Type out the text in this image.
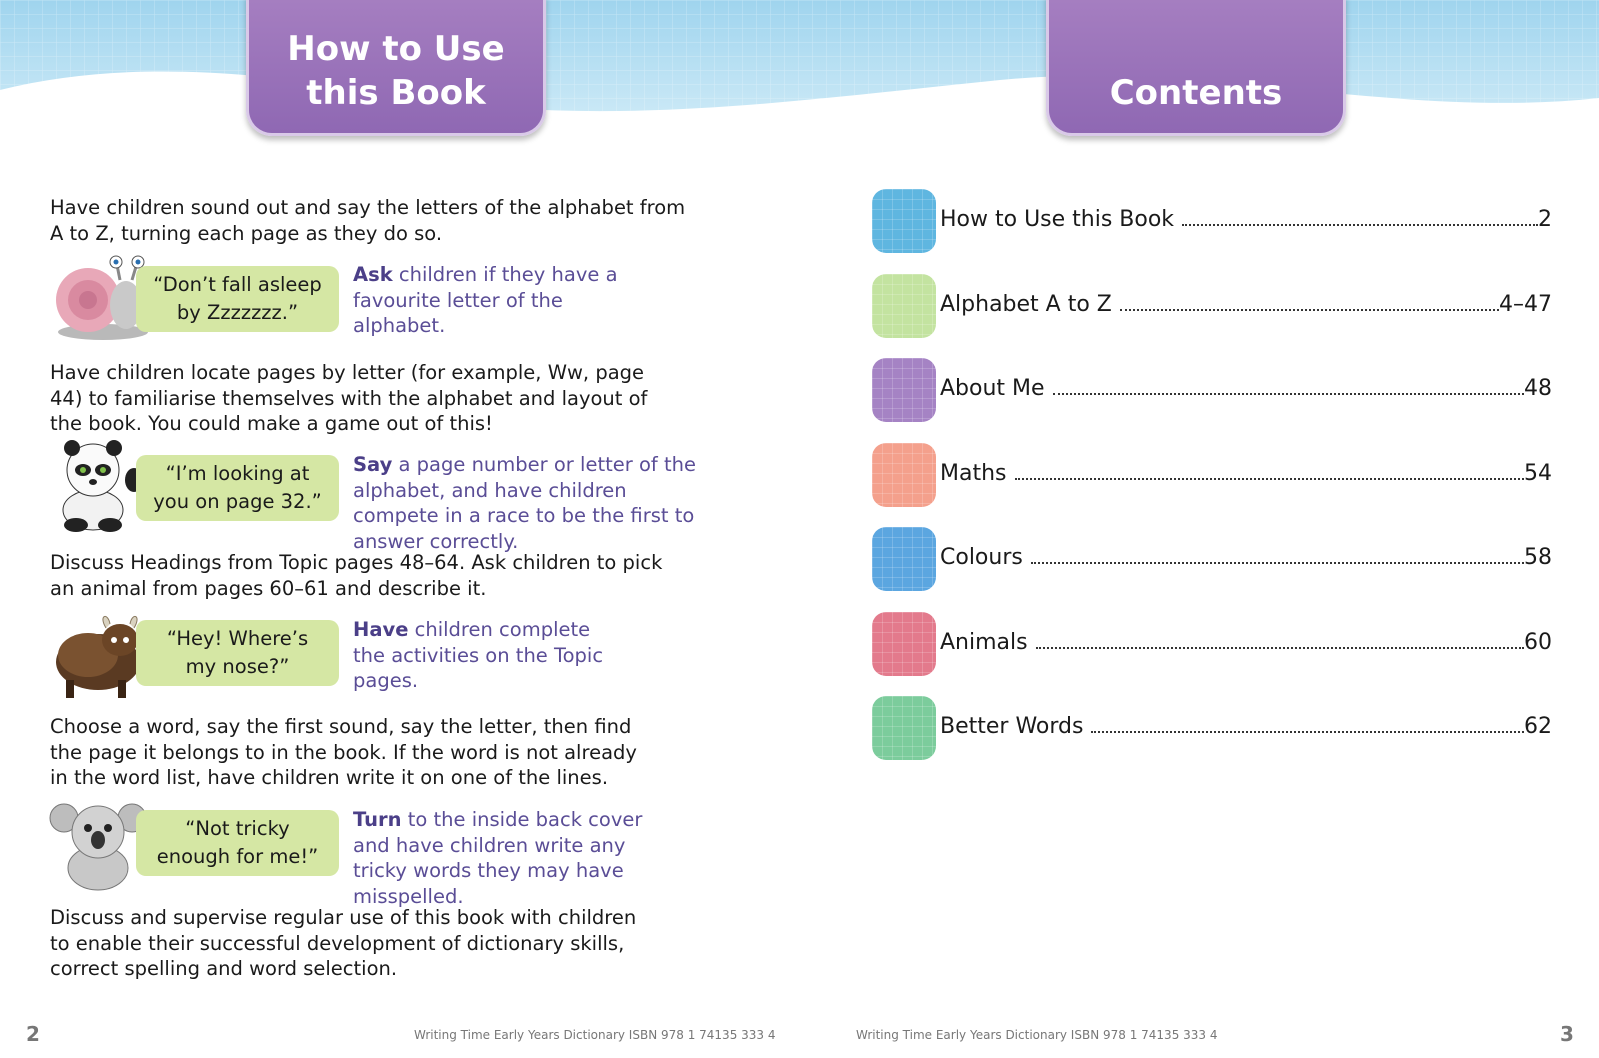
How to Use
this Book	Contents

Have children sound out and say the letters of the alphabet from A to Z, turning each page as they do so.

“Don’t fall asleep
by Zzzzzzz.”
Ask children if they have a favourite letter of the alphabet.

Have children locate pages by letter (for example, Ww, page 44) to familiarise themselves with the alphabet and layout of the book. You could make a game out of this!

“I’m looking at
you on page 32.”
Say a page number or letter of the alphabet, and have children compete in a race to be the first to answer correctly.

Discuss Headings from Topic pages 48–64. Ask children to pick an animal from pages 60–61 and describe it.

“Hey! Where’s
my nose?”
Have children complete the activities on the Topic pages.

Choose a word, say the first sound, say the letter, then find the page it belongs to in the book. If the word is not already in the word list, have children write it on one of the lines.

“Not tricky
enough for me!”
Turn to the inside back cover and have children write any tricky words they may have misspelled.

Discuss and supervise regular use of this book with children to enable their successful development of dictionary skills, correct spelling and word selection.

2	Writing Time Early Years Dictionary ISBN 978 1 74135 333 4
How to Use this Book	2
Alphabet A to Z	4–47
About Me	48
Maths	54
Colours	58
Animals	60
Better Words	62
3
Writing Time Early Years Dictionary ISBN 978 1 74135 333 4
